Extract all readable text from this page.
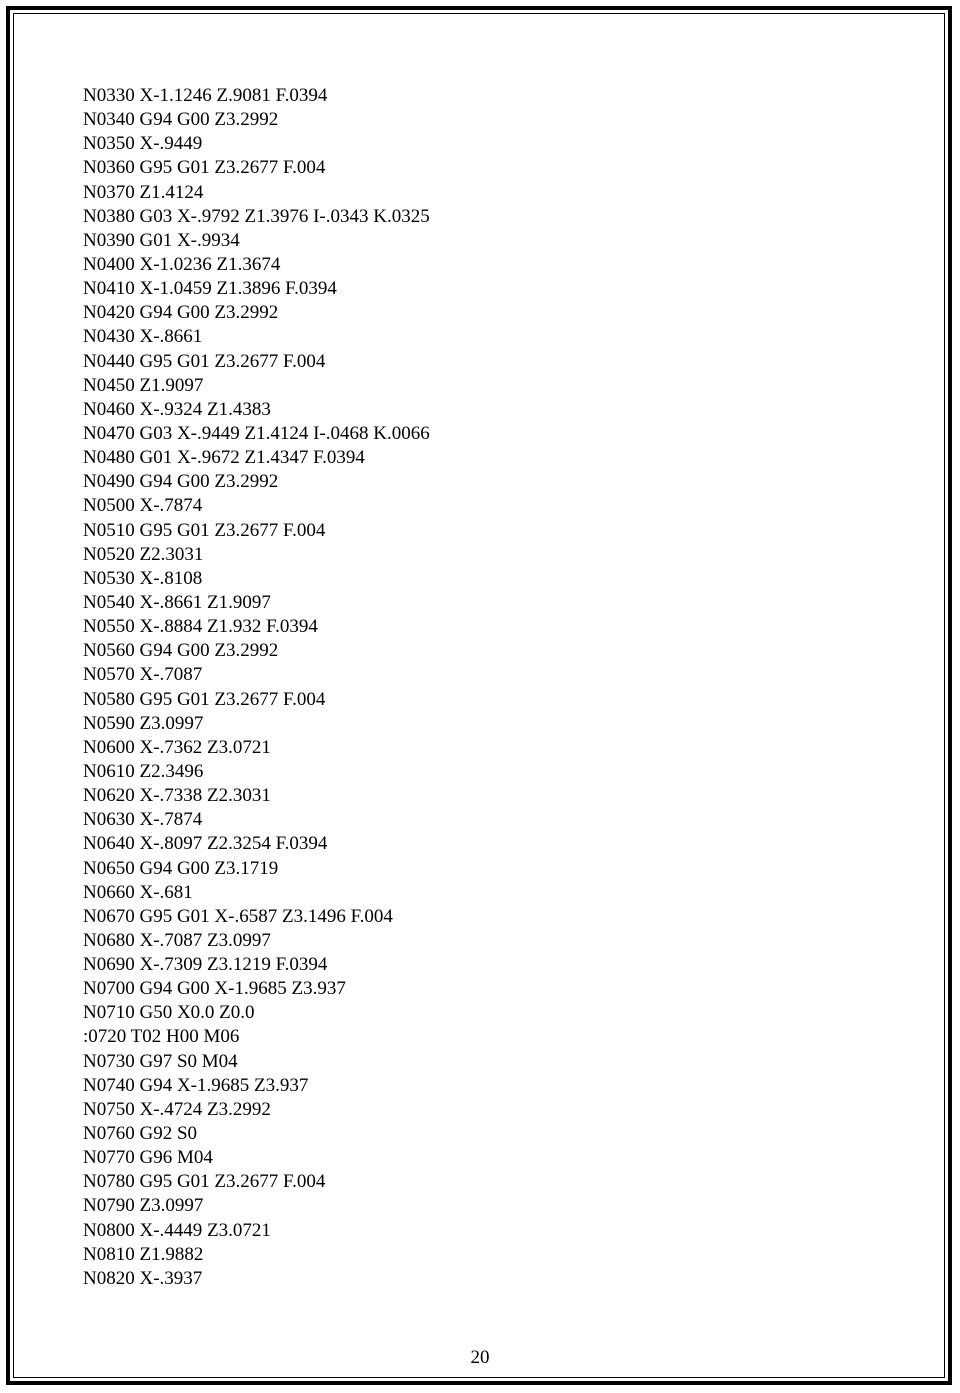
N0330 X-1.1246 Z.9081 F.0394
N0340 G94 G00 Z3.2992
N0350 X-.9449
N0360 G95 G01 Z3.2677 F.004
N0370 Z1.4124
N0380 G03 X-.9792 Z1.3976 I-.0343 K.0325
N0390 G01 X-.9934
N0400 X-1.0236 Z1.3674
N0410 X-1.0459 Z1.3896 F.0394
N0420 G94 G00 Z3.2992
N0430 X-.8661
N0440 G95 G01 Z3.2677 F.004
N0450 Z1.9097
N0460 X-.9324 Z1.4383
N0470 G03 X-.9449 Z1.4124 I-.0468 K.0066
N0480 G01 X-.9672 Z1.4347 F.0394
N0490 G94 G00 Z3.2992
N0500 X-.7874
N0510 G95 G01 Z3.2677 F.004
N0520 Z2.3031
N0530 X-.8108
N0540 X-.8661 Z1.9097
N0550 X-.8884 Z1.932 F.0394
N0560 G94 G00 Z3.2992
N0570 X-.7087
N0580 G95 G01 Z3.2677 F.004
N0590 Z3.0997
N0600 X-.7362 Z3.0721
N0610 Z2.3496
N0620 X-.7338 Z2.3031
N0630 X-.7874
N0640 X-.8097 Z2.3254 F.0394
N0650 G94 G00 Z3.1719
N0660 X-.681
N0670 G95 G01 X-.6587 Z3.1496 F.004
N0680 X-.7087 Z3.0997
N0690 X-.7309 Z3.1219 F.0394
N0700 G94 G00 X-1.9685 Z3.937
N0710 G50 X0.0 Z0.0
:0720 T02 H00 M06
N0730 G97 S0 M04
N0740 G94 X-1.9685 Z3.937
N0750 X-.4724 Z3.2992
N0760 G92 S0
N0770 G96 M04
N0780 G95 G01 Z3.2677 F.004
N0790 Z3.0997
N0800 X-.4449 Z3.0721
N0810 Z1.9882
N0820 X-.3937
20
